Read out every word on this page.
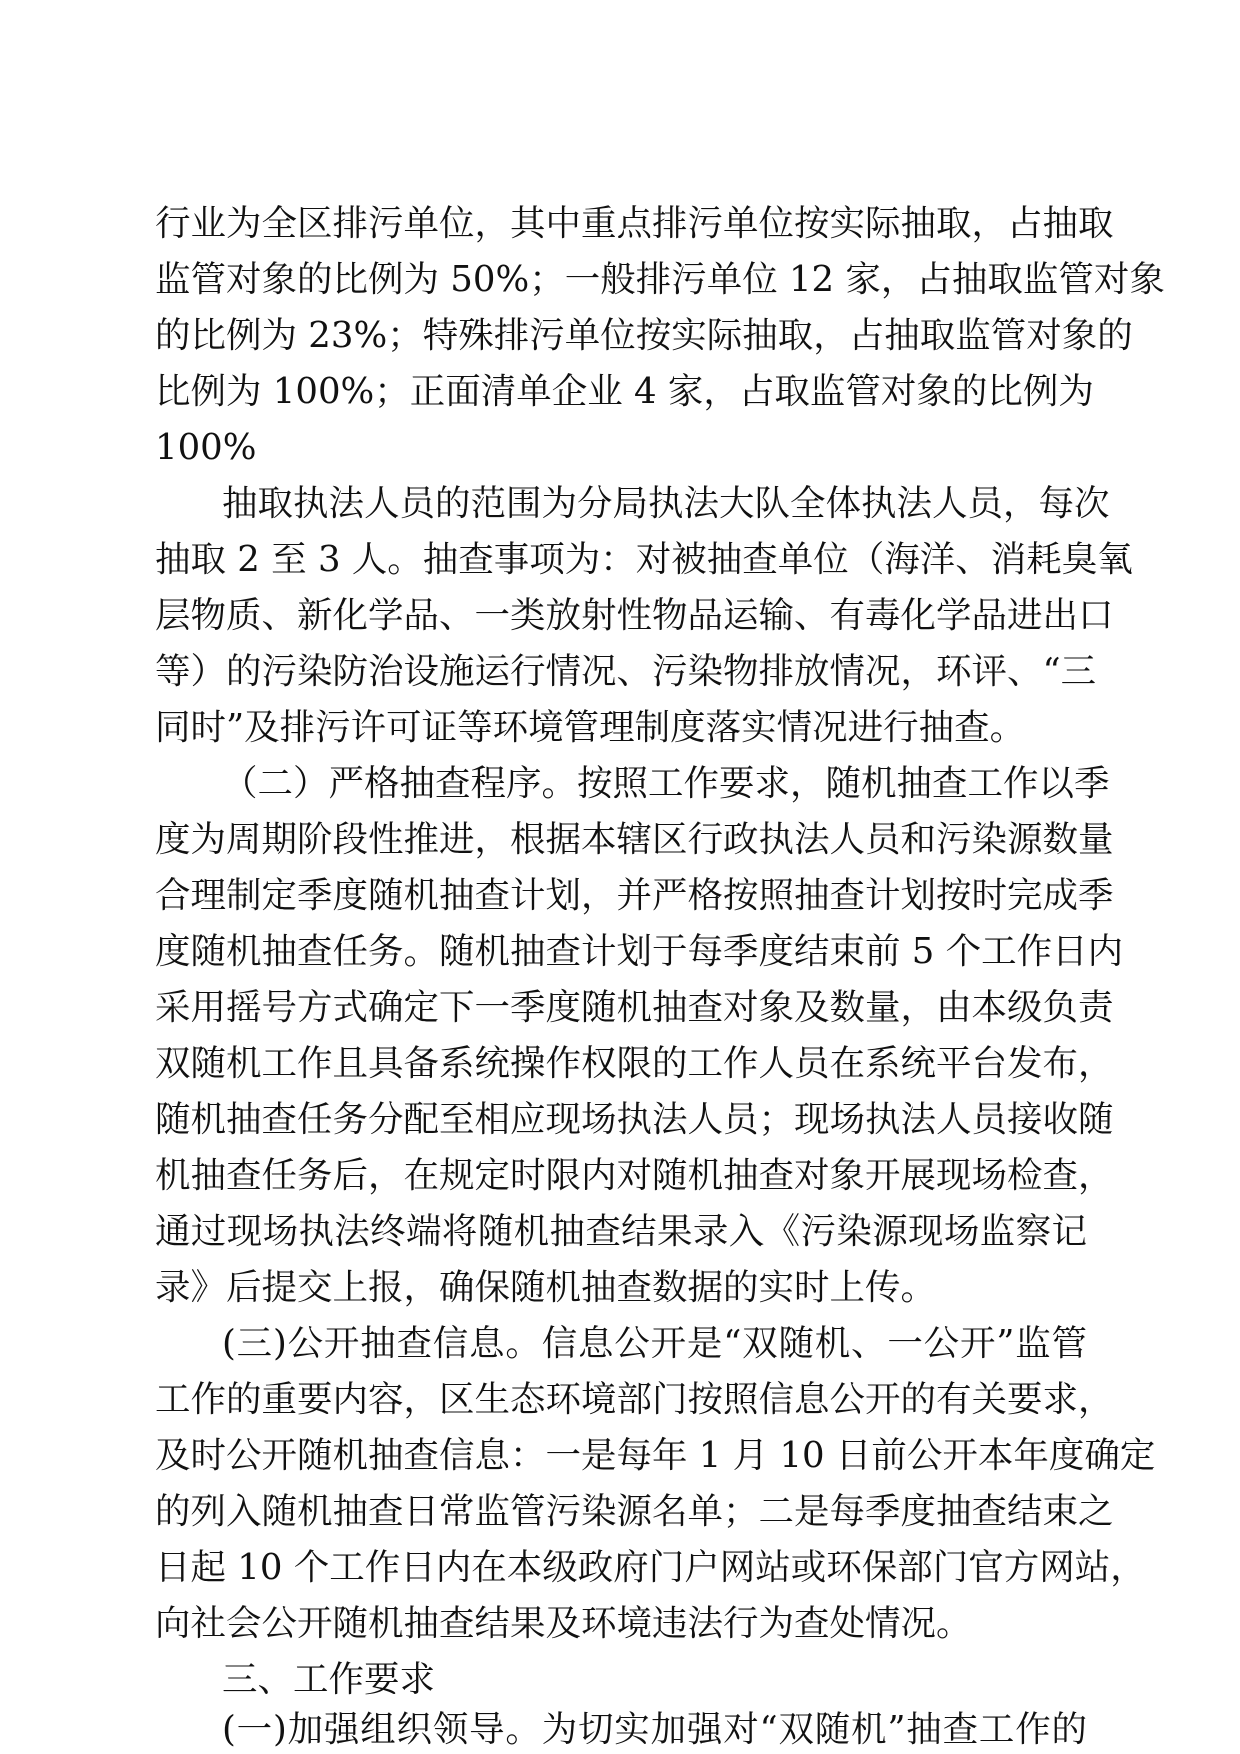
行业为全区排污单位，其中重点排污单位按实际抽取，占抽取
监管对象的比例为 50%；一般排污单位 12 家，占抽取监管对象
的比例为 23%；特殊排污单位按实际抽取，占抽取监管对象的
比例为 100%；正面清单企业 4 家，占取监管对象的比例为
100%
抽取执法人员的范围为分局执法大队全体执法人员，每次
抽取 2 至 3 人。抽查事项为：对被抽查单位（海洋、消耗臭氧
层物质、新化学品、一类放射性物品运输、有毒化学品进出口
等）的污染防治设施运行情况、污染物排放情况，环评、“三
同时”及排污许可证等环境管理制度落实情况进行抽查。
（二）严格抽查程序。按照工作要求，随机抽查工作以季
度为周期阶段性推进，根据本辖区行政执法人员和污染源数量
合理制定季度随机抽查计划，并严格按照抽查计划按时完成季
度随机抽查任务。随机抽查计划于每季度结束前 5 个工作日内
采用摇号方式确定下一季度随机抽查对象及数量，由本级负责
双随机工作且具备系统操作权限的工作人员在系统平台发布，
随机抽查任务分配至相应现场执法人员；现场执法人员接收随
机抽查任务后，在规定时限内对随机抽查对象开展现场检查，
通过现场执法终端将随机抽查结果录入《污染源现场监察记
录》后提交上报，确保随机抽查数据的实时上传。
(三)公开抽查信息。信息公开是“双随机、一公开”监管
工作的重要内容，区生态环境部门按照信息公开的有关要求，
及时公开随机抽查信息：一是每年 1 月 10 日前公开本年度确定
的列入随机抽查日常监管污染源名单；二是每季度抽查结束之
日起 10 个工作日内在本级政府门户网站或环保部门官方网站，
向社会公开随机抽查结果及环境违法行为查处情况。
三、工作要求
(一)加强组织领导。为切实加强对“双随机”抽查工作的
